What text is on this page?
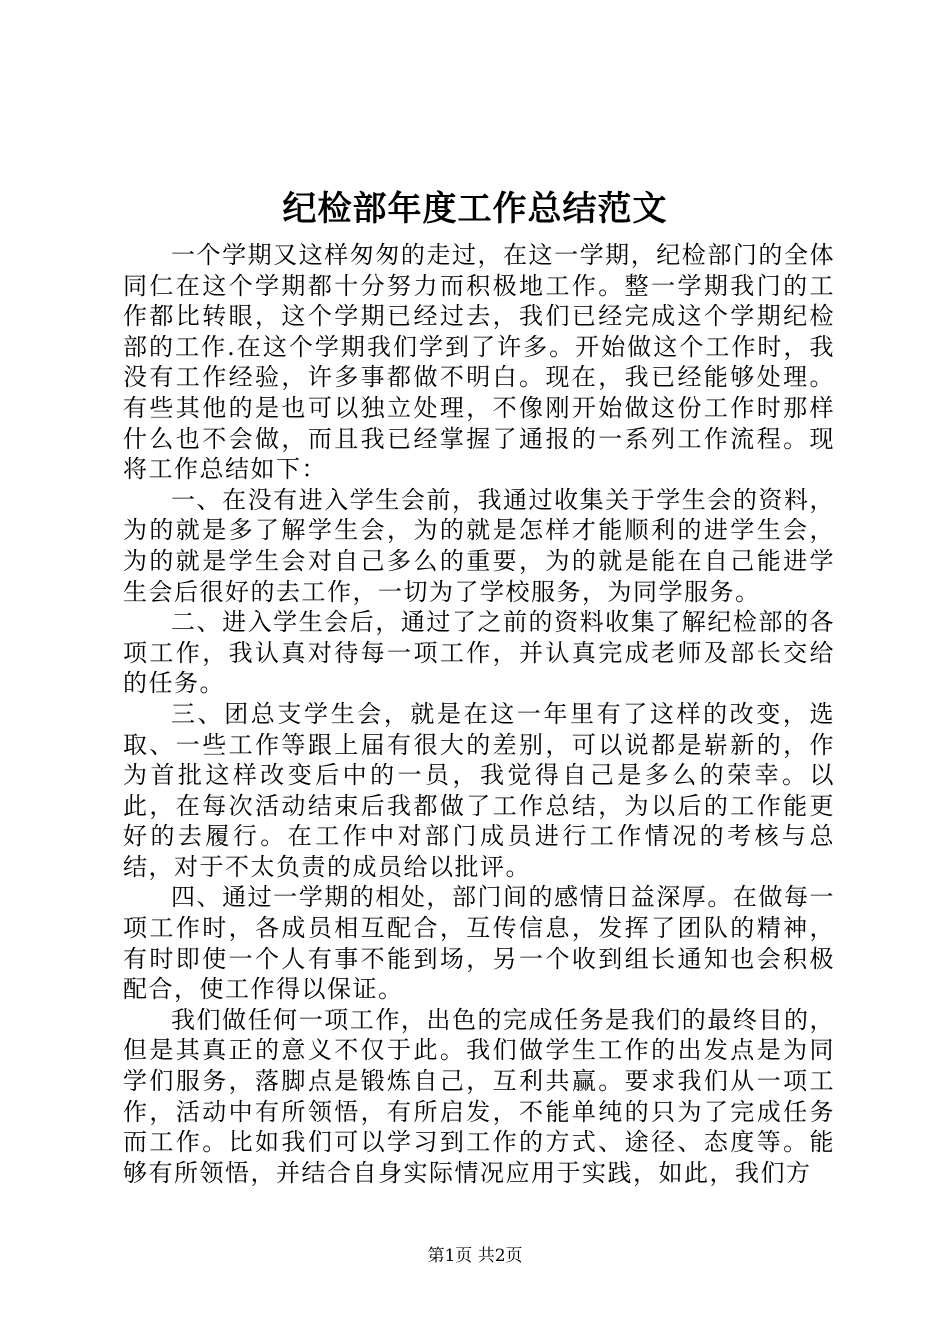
纪检部年度工作总结范文

一个学期又这样匆匆的走过，在这一学期，纪检部门的全体同仁在这个学期都十分努力而积极地工作。整一学期我门的工作都比转眼，这个学期已经过去，我们已经完成这个学期纪检部的工作.在这个学期我们学到了许多。开始做这个工作时，我没有工作经验，许多事都做不明白。现在，我已经能够处理。有些其他的是也可以独立处理，不像刚开始做这份工作时那样什么也不会做，而且我已经掌握了通报的一系列工作流程。现将工作总结如下：

一、在没有进入学生会前，我通过收集关于学生会的资料，为的就是多了解学生会，为的就是怎样才能顺利的进学生会，为的就是学生会对自己多么的重要，为的就是能在自己能进学生会后很好的去工作，一切为了学校服务，为同学服务。

二、进入学生会后，通过了之前的资料收集了解纪检部的各项工作，我认真对待每一项工作，并认真完成老师及部长交给的任务。

三、团总支学生会，就是在这一年里有了这样的改变，选取、一些工作等跟上届有很大的差别，可以说都是崭新的，作为首批这样改变后中的一员，我觉得自己是多么的荣幸。以此，在每次活动结束后我都做了工作总结，为以后的工作能更好的去履行。在工作中对部门成员进行工作情况的考核与总结，对于不太负责的成员给以批评。

四、通过一学期的相处，部门间的感情日益深厚。在做每一项工作时，各成员相互配合，互传信息，发挥了团队的精神，有时即使一个人有事不能到场，另一个收到组长通知也会积极配合，使工作得以保证。

我们做任何一项工作，出色的完成任务是我们的最终目的，但是其真正的意义不仅于此。我们做学生工作的出发点是为同学们服务，落脚点是锻炼自己，互利共赢。要求我们从一项工作，活动中有所领悟，有所启发，不能单纯的只为了完成任务而工作。比如我们可以学习到工作的方式、途径、态度等。能够有所领悟，并结合自身实际情况应用于实践，如此，我们方

第1页 共2页
